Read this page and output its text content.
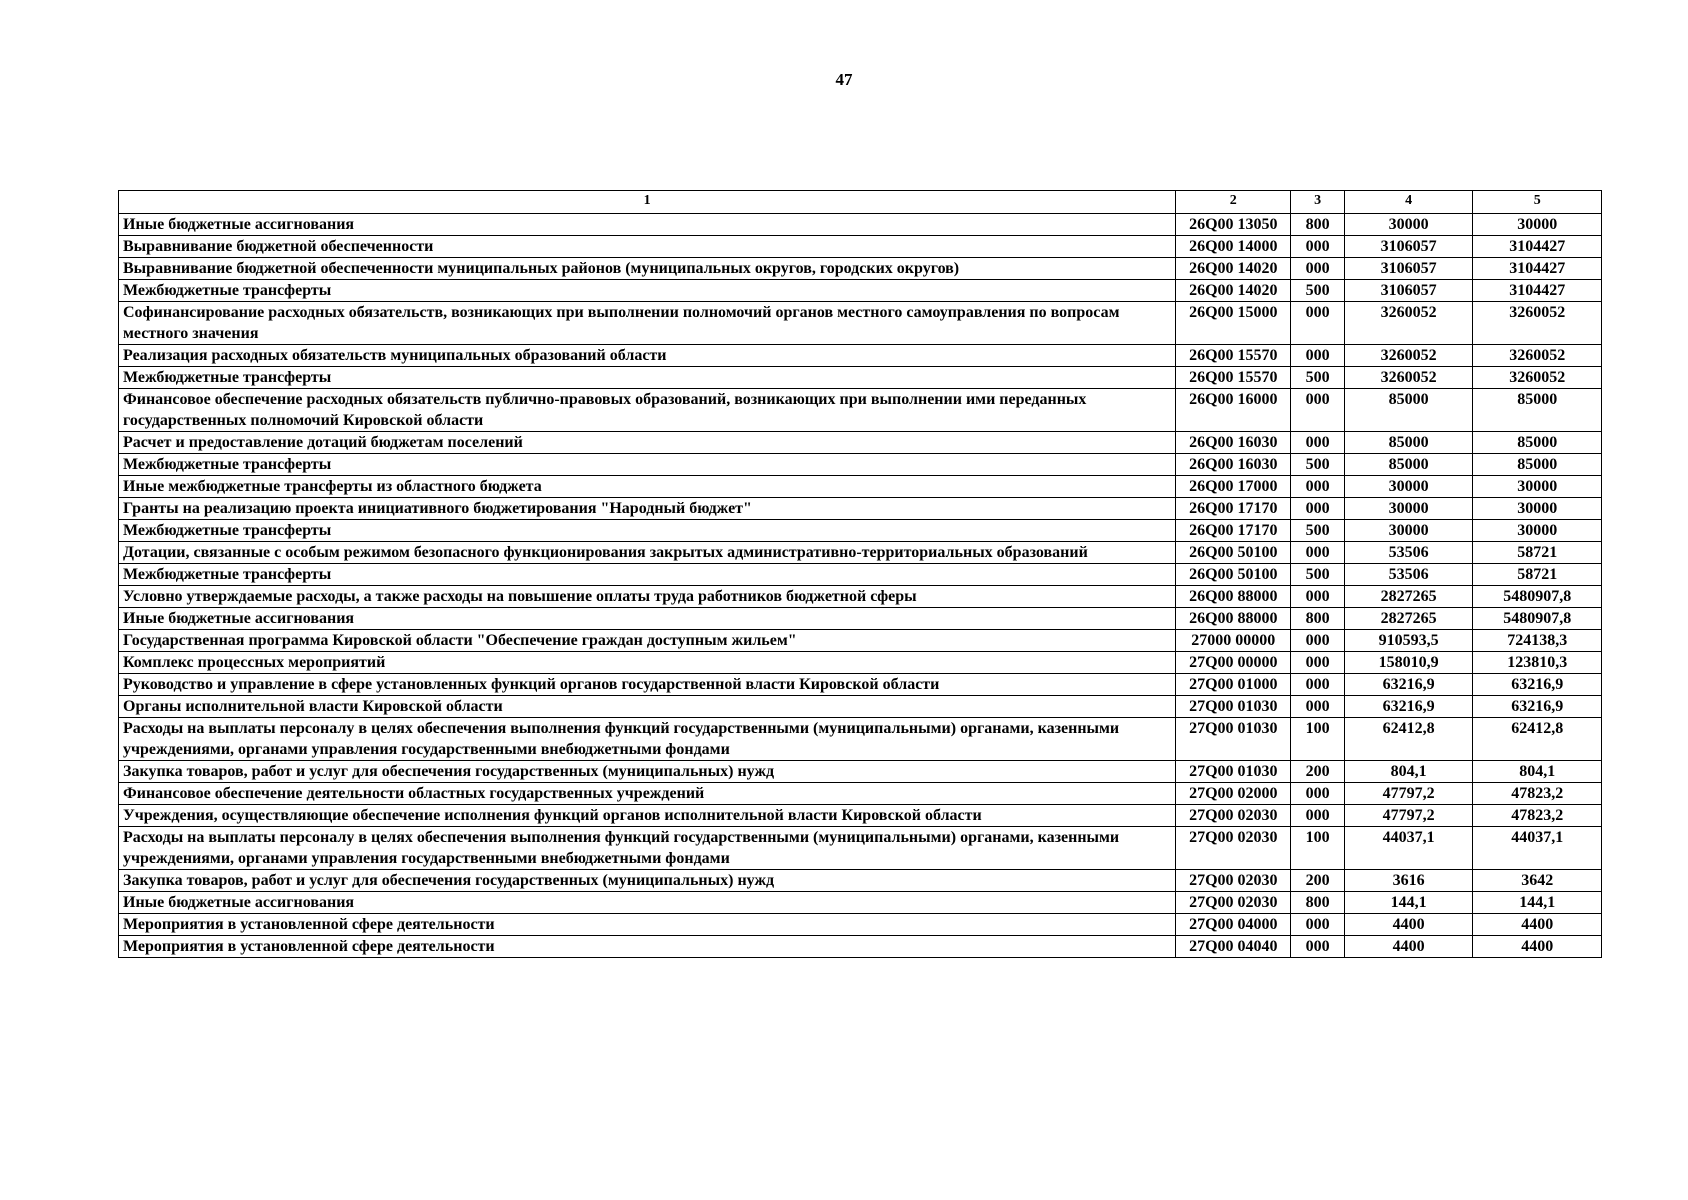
47
1	2	3	4	5
Иные бюджетные ассигнования	26Q00 13050	800	30000	30000
Выравнивание бюджетной обеспеченности	26Q00 14000	000	3106057	3104427
Выравнивание бюджетной обеспеченности муниципальных районов (муниципальных округов, городских округов)	26Q00 14020	000	3106057	3104427
Межбюджетные трансферты	26Q00 14020	500	3106057	3104427
Софинансирование расходных обязательств, возникающих при выполнении полномочий органов местного самоуправления по вопросам местного значения	26Q00 15000	000	3260052	3260052
Реализация расходных обязательств муниципальных образований области	26Q00 15570	000	3260052	3260052
Межбюджетные трансферты	26Q00 15570	500	3260052	3260052
Финансовое обеспечение расходных обязательств публично-правовых образований, возникающих при выполнении ими переданных государственных полномочий Кировской области	26Q00 16000	000	85000	85000
Расчет и предоставление дотаций бюджетам поселений	26Q00 16030	000	85000	85000
Межбюджетные трансферты	26Q00 16030	500	85000	85000
Иные межбюджетные трансферты из областного бюджета	26Q00 17000	000	30000	30000
Гранты на реализацию проекта инициативного бюджетирования "Народный бюджет"	26Q00 17170	000	30000	30000
Межбюджетные трансферты	26Q00 17170	500	30000	30000
Дотации, связанные с особым режимом безопасного функционирования закрытых административно-территориальных образований	26Q00 50100	000	53506	58721
Межбюджетные трансферты	26Q00 50100	500	53506	58721
Условно утверждаемые расходы, а также расходы на повышение оплаты труда работников бюджетной сферы	26Q00 88000	000	2827265	5480907,8
Иные бюджетные ассигнования	26Q00 88000	800	2827265	5480907,8
Государственная программа Кировской области "Обеспечение граждан доступным жильем"	27000 00000	000	910593,5	724138,3
Комплекс процессных мероприятий	27Q00 00000	000	158010,9	123810,3
Руководство и управление в сфере установленных функций органов государственной власти Кировской области	27Q00 01000	000	63216,9	63216,9
Органы исполнительной власти Кировской области	27Q00 01030	000	63216,9	63216,9
Расходы на выплаты персоналу в целях обеспечения выполнения функций государственными (муниципальными) органами, казенными учреждениями, органами управления государственными внебюджетными фондами	27Q00 01030	100	62412,8	62412,8
Закупка товаров, работ и услуг для обеспечения государственных (муниципальных) нужд	27Q00 01030	200	804,1	804,1
Финансовое обеспечение деятельности областных государственных учреждений	27Q00 02000	000	47797,2	47823,2
Учреждения, осуществляющие обеспечение исполнения функций органов исполнительной власти Кировской области	27Q00 02030	000	47797,2	47823,2
Расходы на выплаты персоналу в целях обеспечения выполнения функций государственными (муниципальными) органами, казенными учреждениями, органами управления государственными внебюджетными фондами	27Q00 02030	100	44037,1	44037,1
Закупка товаров, работ и услуг для обеспечения государственных (муниципальных) нужд	27Q00 02030	200	3616	3642
Иные бюджетные ассигнования	27Q00 02030	800	144,1	144,1
Мероприятия в установленной сфере деятельности	27Q00 04000	000	4400	4400
Мероприятия в установленной сфере деятельности	27Q00 04040	000	4400	4400
